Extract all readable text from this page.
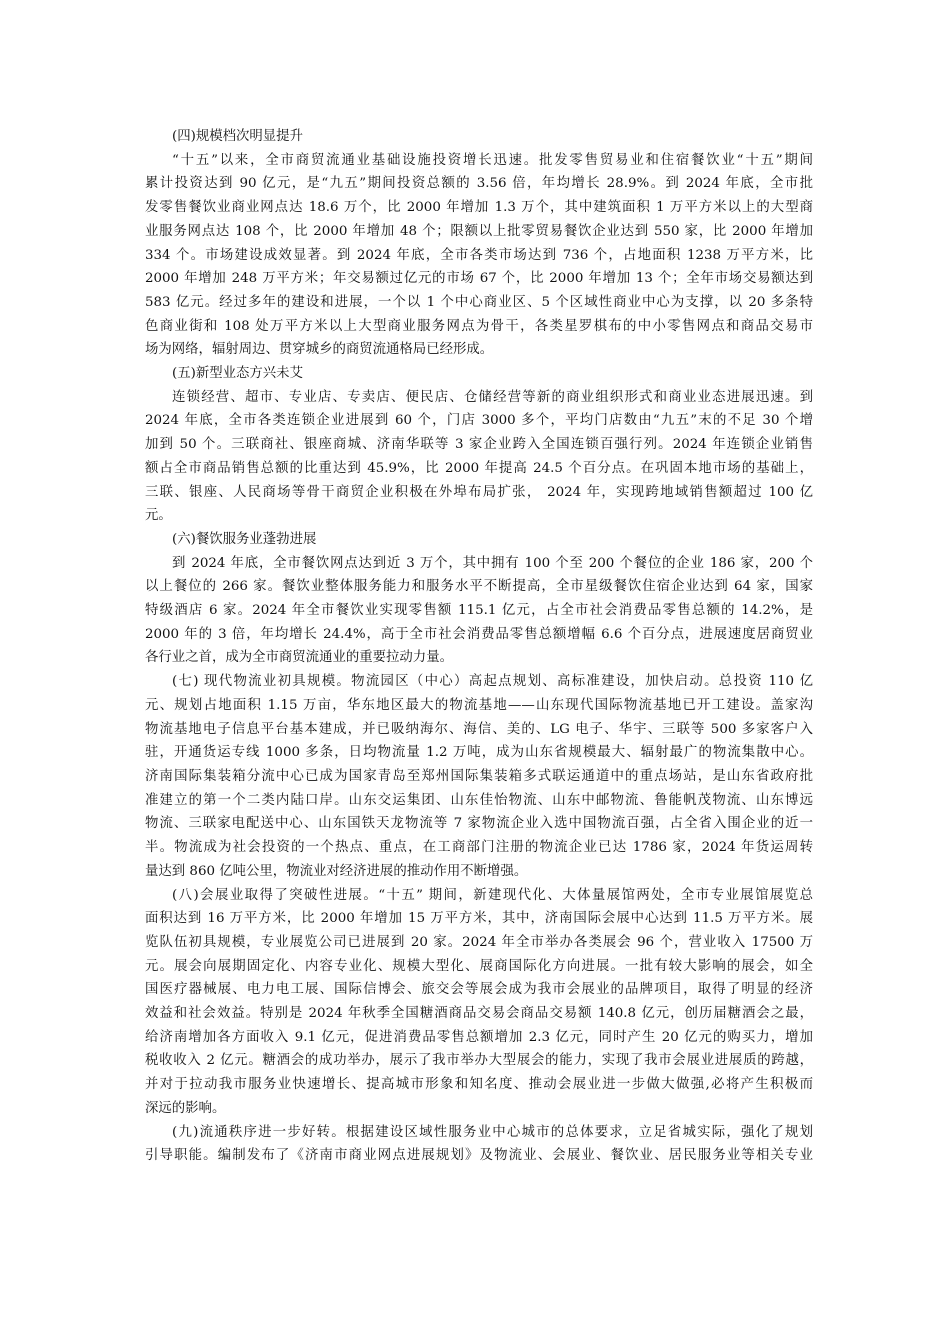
(四)规模档次明显提升
“十五”以来，全市商贸流通业基础设施投资增长迅速。批发零售贸易业和住宿餐饮业“十五”期间
累计投资达到 90 亿元，是“九五”期间投资总额的 3.56 倍，年均增长 28.9%。到 2024 年底，全市批
发零售餐饮业商业网点达 18.6 万个，比 2000 年增加 1.3 万个，其中建筑面积 1 万平方米以上的大型商
业服务网点达 108 个，比 2000 年增加 48 个；限额以上批零贸易餐饮企业达到 550 家，比 2000 年增加
334 个。市场建设成效显著。到 2024 年底，全市各类市场达到 736 个，占地面积 1238 万平方米，比
2000 年增加 248 万平方米；年交易额过亿元的市场 67 个，比 2000 年增加 13 个；全年市场交易额达到
583 亿元。经过多年的建设和进展，一个以 1 个中心商业区、5 个区域性商业中心为支撑，以 20 多条特
色商业街和 108 处万平方米以上大型商业服务网点为骨干，各类星罗棋布的中小零售网点和商品交易市
场为网络，辐射周边、贯穿城乡的商贸流通格局已经形成。
(五)新型业态方兴未艾
连锁经营、超市、专业店、专卖店、便民店、仓储经营等新的商业组织形式和商业业态进展迅速。到
2024 年底，全市各类连锁企业进展到 60 个，门店 3000 多个，平均门店数由“九五”末的不足 30 个增
加到 50 个。三联商社、银座商城、济南华联等 3 家企业跨入全国连锁百强行列。2024 年连锁企业销售
额占全市商品销售总额的比重达到 45.9%，比 2000 年提高 24.5 个百分点。在巩固本地市场的基础上，
三联、银座、人民商场等骨干商贸企业积极在外埠布局扩张， 2024 年，实现跨地域销售额超过 100 亿
元。
(六)餐饮服务业蓬勃进展
到 2024 年底，全市餐饮网点达到近 3 万个，其中拥有 100 个至 200 个餐位的企业 186 家，200 个
以上餐位的 266 家。餐饮业整体服务能力和服务水平不断提高，全市星级餐饮住宿企业达到 64 家，国家
特级酒店 6 家。2024 年全市餐饮业实现零售额 115.1 亿元，占全市社会消费品零售总额的 14.2%，是
2000 年的 3 倍，年均增长 24.4%，高于全市社会消费品零售总额增幅 6.6 个百分点，进展速度居商贸业
各行业之首，成为全市商贸流通业的重要拉动力量。
(七) 现代物流业初具规模。物流园区（中心）高起点规划、高标准建设，加快启动。总投资 110 亿
元、规划占地面积 1.15 万亩，华东地区最大的物流基地——山东现代国际物流基地已开工建设。盖家沟
物流基地电子信息平台基本建成，并已吸纳海尔、海信、美的、LG 电子、华宇、三联等 500 多家客户入
驻，开通货运专线 1000 多条，日均物流量 1.2 万吨，成为山东省规模最大、辐射最广的物流集散中心。
济南国际集装箱分流中心已成为国家青岛至郑州国际集装箱多式联运通道中的重点场站，是山东省政府批
准建立的第一个二类内陆口岸。山东交运集团、山东佳怡物流、山东中邮物流、鲁能帆茂物流、山东博远
物流、三联家电配送中心、山东国铁天龙物流等 7 家物流企业入选中国物流百强，占全省入围企业的近一
半。物流成为社会投资的一个热点、重点，在工商部门注册的物流企业已达 1786 家，2024 年货运周转
量达到 860 亿吨公里，物流业对经济进展的推动作用不断增强。
(八)会展业取得了突破性进展。“十五” 期间，新建现代化、大体量展馆两处，全市专业展馆展览总
面积达到 16 万平方米，比 2000 年增加 15 万平方米，其中，济南国际会展中心达到 11.5 万平方米。展
览队伍初具规模，专业展览公司已进展到 20 家。2024 年全市举办各类展会 96 个，营业收入 17500 万
元。展会向展期固定化、内容专业化、规模大型化、展商国际化方向进展。一批有较大影响的展会，如全
国医疗器械展、电力电工展、国际信博会、旅交会等展会成为我市会展业的品牌项目，取得了明显的经济
效益和社会效益。特别是 2024 年秋季全国糖酒商品交易会商品交易额 140.8 亿元，创历届糖酒会之最，
给济南增加各方面收入 9.1 亿元，促进消费品零售总额增加 2.3 亿元，同时产生 20 亿元的购买力，增加
税收收入 2 亿元。糖酒会的成功举办，展示了我市举办大型展会的能力，实现了我市会展业进展质的跨越，
并对于拉动我市服务业快速增长、提高城市形象和知名度、推动会展业进一步做大做强,必将产生积极而
深远的影响。
(九)流通秩序进一步好转。根据建设区域性服务业中心城市的总体要求，立足省城实际，强化了规划
引导职能。编制发布了《济南市商业网点进展规划》及物流业、会展业、餐饮业、居民服务业等相关专业
